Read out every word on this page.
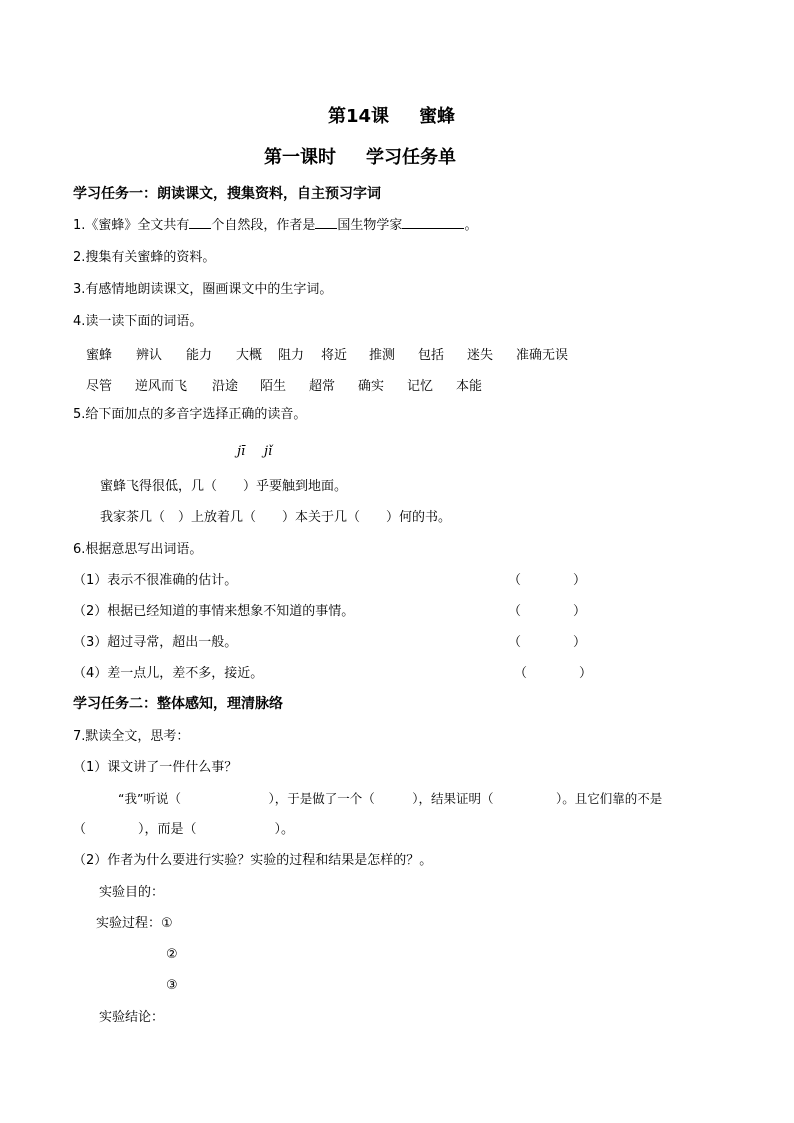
第14课 蜜蜂
第一课时 学习任务单
学习任务一：朗读课文，搜集资料，自主预习字词
1.《蜜蜂》全文共有 个自然段，作者是 国生物学家	。
2.搜集有关蜜蜂的资料。
3.有感情地朗读课文，圈画课文中的生字词。
4.读一读下面的词语。
蜜蜂	辨认	能力	大概	阻力	将近	推测	包括	迷失	准确无误
尽管	逆风而飞	沿途	陌生	超常	确实	记忆	本能
5.给下面加点的多音字选择正确的读音。
jī jǐ
蜜蜂飞得很低，几（　　）乎要触到地面。
我家茶几（　）上放着几（　　）本关于几（　　）何的书。
6.根据意思写出词语。
（1）表示不很准确的估计。	（　　　　）
（2）根据已经知道的事情来想象不知道的事情。	（　　　　）
（3）超过寻常，超出一般。	（　　　　）
（4）差一点儿，差不多，接近。	（　　　　）
学习任务二：整体感知，理清脉络
7.默读全文，思考：
（1）课文讲了一件什么事？
“我”听说（　　　　　　　），于是做了一个（　　　），结果证明（　　　　　）。且它们靠的不是
（　　　　），而是（　　　　　　）。
（2）作者为什么要进行实验？实验的过程和结果是怎样的？。
实验目的：
实验过程：①
②
③
实验结论：
